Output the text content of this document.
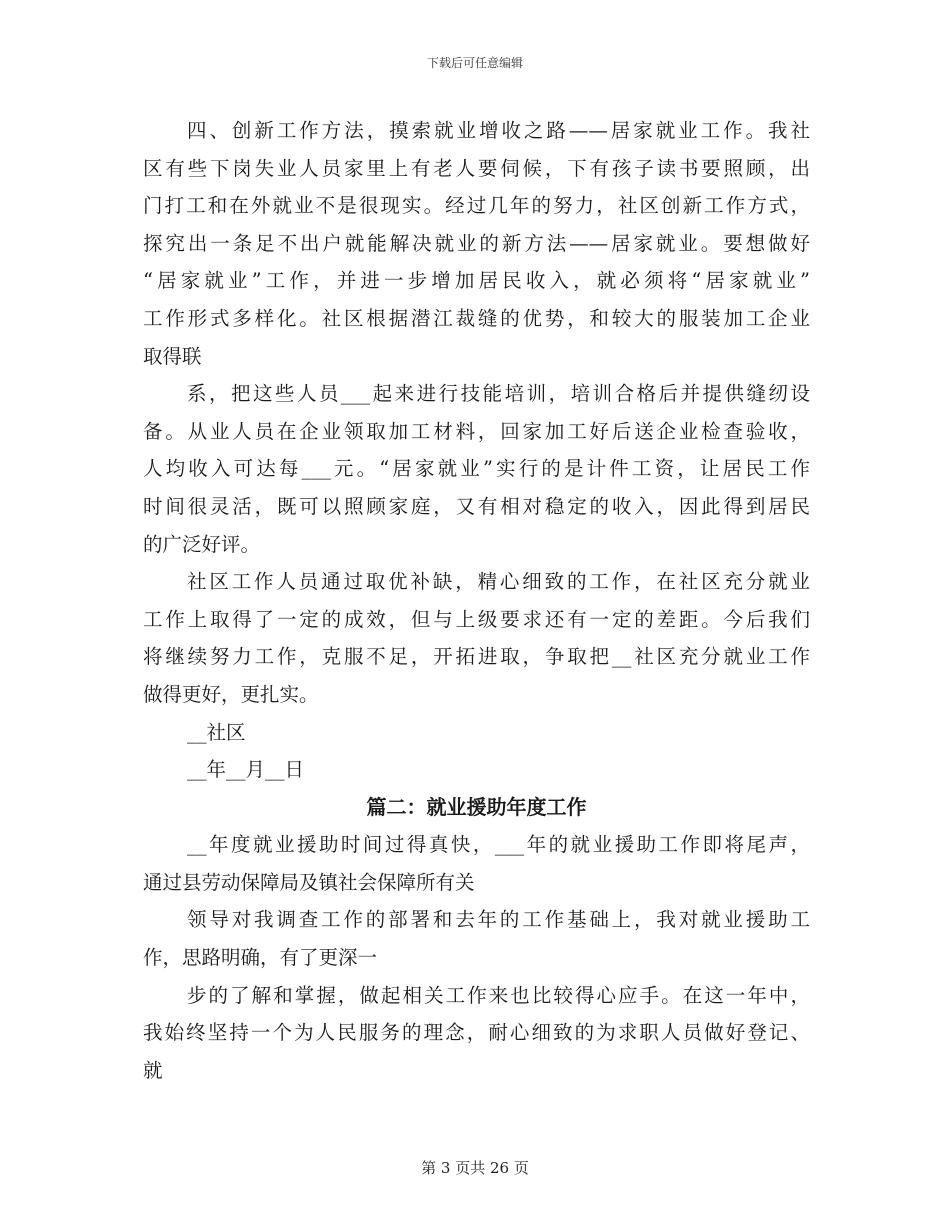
下载后可任意编辑
四、创新工作方法，摸索就业增收之路——居家就业工作。我社
区有些下岗失业人员家里上有老人要伺候，下有孩子读书要照顾，出
门打工和在外就业不是很现实。经过几年的努力，社区创新工作方式，
探究出一条足不出户就能解决就业的新方法——居家就业。要想做好
“居家就业”工作，并进一步增加居民收入，就必须将“居家就业”
工作形式多样化。社区根据潜江裁缝的优势，和较大的服装加工企业
取得联
系，把这些人员___起来进行技能培训，培训合格后并提供缝纫设
备。从业人员在企业领取加工材料，回家加工好后送企业检查验收，
人均收入可达每___元。“居家就业”实行的是计件工资，让居民工作
时间很灵活，既可以照顾家庭，又有相对稳定的收入，因此得到居民
的广泛好评。
社区工作人员通过取优补缺，精心细致的工作，在社区充分就业
工作上取得了一定的成效，但与上级要求还有一定的差距。今后我们
将继续努力工作，克服不足，开拓进取，争取把__社区充分就业工作
做得更好，更扎实。
__社区
__年__月__日
篇二：就业援助年度工作
__年度就业援助时间过得真快，___年的就业援助工作即将尾声，
通过县劳动保障局及镇社会保障所有关
领导对我调查工作的部署和去年的工作基础上，我对就业援助工
作，思路明确，有了更深一
步的了解和掌握，做起相关工作来也比较得心应手。在这一年中，
我始终坚持一个为人民服务的理念，耐心细致的为求职人员做好登记、
就
第 3 页共 26 页
